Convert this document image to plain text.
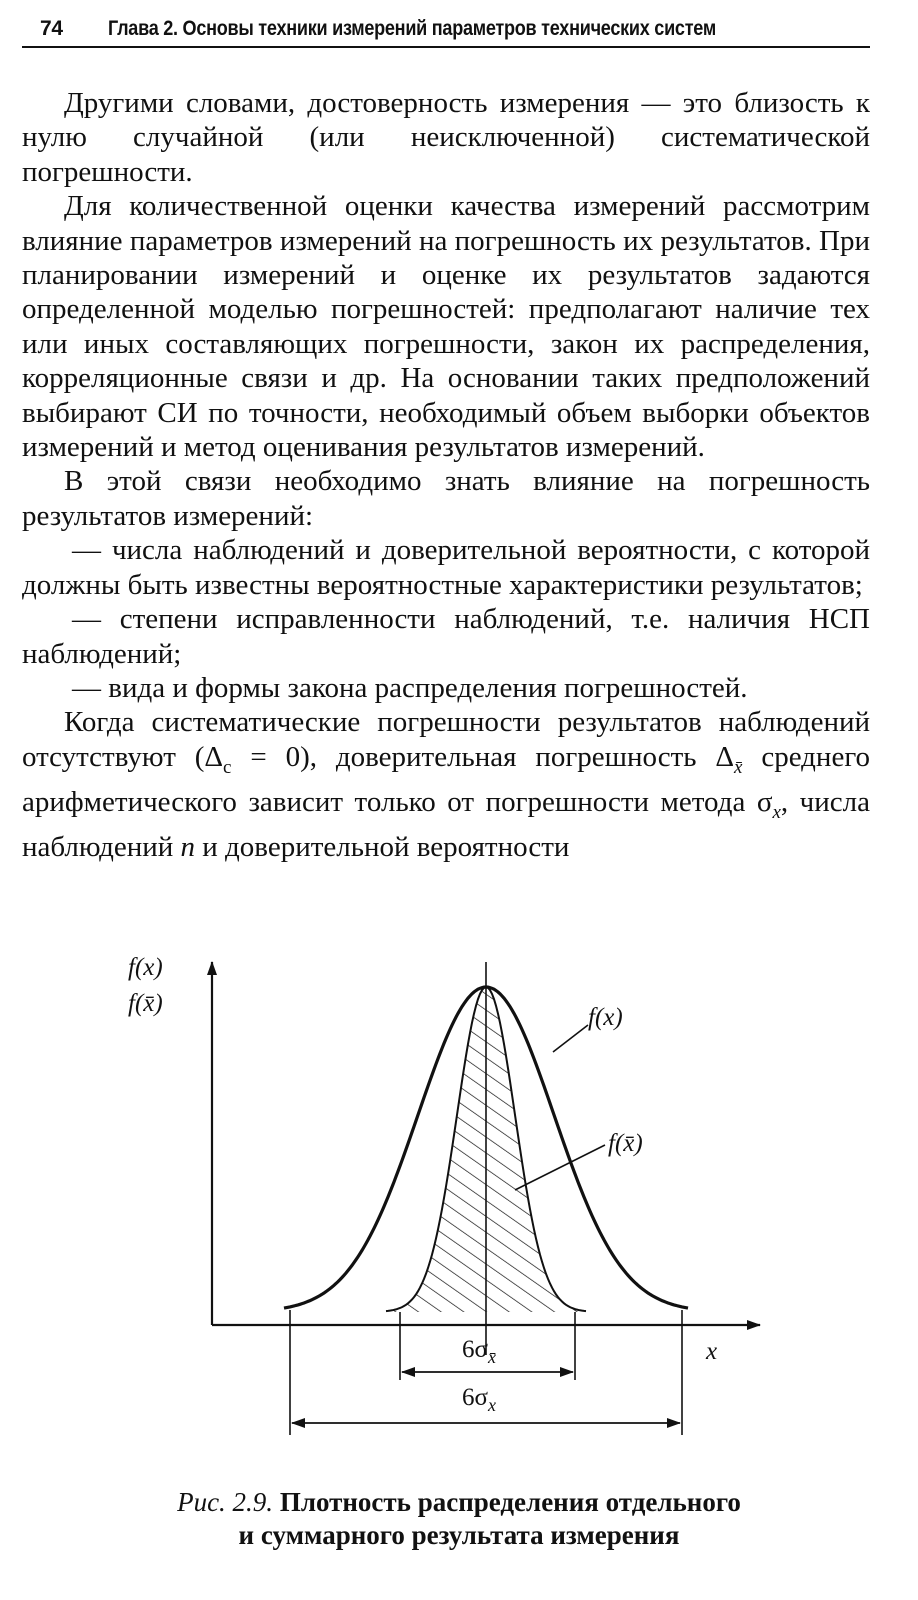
74 Глава 2. Основы техники измерений параметров технических систем

Другими словами, достоверность измерения — это близость к нулю случайной (или неисключенной) систематической погрешности.

Для количественной оценки качества измерений рассмотрим влияние параметров измерений на погрешность их результатов. При планировании измерений и оценке их результатов задаются определенной моделью погрешностей: предполагают наличие тех или иных составляющих погрешности, закон их распределения, корреляционные связи и др. На основании таких предположений выбирают СИ по точности, необходимый объем выборки объектов измерений и метод оценивания результатов измерений.

В этой связи необходимо знать влияние на погрешность результатов измерений:

— числа наблюдений и доверительной вероятности, с которой должны быть известны вероятностные характеристики результатов;

— степени исправленности наблюдений, т.е. наличия НСП наблюдений;

— вида и формы закона распределения погрешностей.

Когда систематические погрешности результатов наблюдений отсутствуют $(\Delta_с = 0)$, доверительная погрешность $\Delta_{x̄}$ среднего арифметического зависит только от погрешности метода $\sigma_x$, числа наблюдений n и доверительной вероятности

f(x)
f(x̄)
x
f(x)
f(x̄)
$6\sigma_{x̄}$
$6\sigma_x$
Рис. 2.9. Плотность распределения отдельного
и суммарного результата измерения
